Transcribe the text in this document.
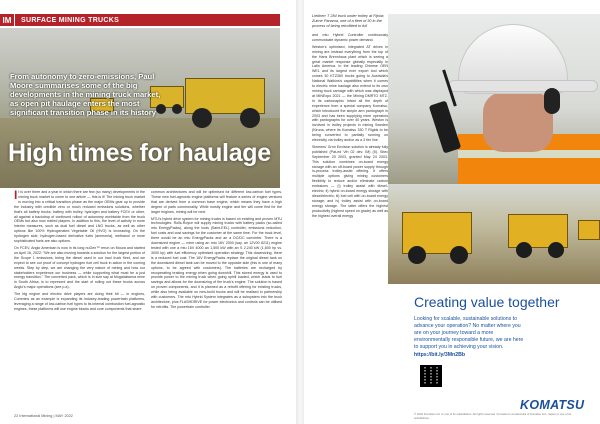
IM	SURFACE MINING TRUCKS
From autonomy to zero-emissions, Paul Moore summarises some of the big developments in the mining truck market, as open pit haulage enters the most significant transition phase in its history
High times for haulage

It is over three and a year in which there are few (so many) developments in the mining truck market to come to one article — this is it! The mining truck market is moving into a critical transition phase as the major OEMs gear up to provide the industry with credible zero or much reduced emissions solutions, whether that's all battery trucks, battery with trolley, hydrogen and battery FCEV or other, all against a backdrop of continued rollout of autonomy worldwide from the truck OEMs but also now mixfed players. In addition to this, the level of activity in more interim measures, such as dual fuel diesel and LNG trucks, as well as other options like 100% Hydrogenated Vegetable Oil (HVO) is increasing. On the hydrogen side, hydrogen-based derivative fuels (ammonia), methanol or more sophisticated fuels are also options.

On FCEV, Anglo American is now in its long nuGen™ rerun on Moura and started on April 16, 2022: "We are also moving towards a solution for the largest portion of the Scope 1 emissions, being the diesel used in our haul truck fleet, and we expect to see our proof of concept hydrogen fuel cell truck in action in the coming weeks. Step by step, we are changing the very nature of mining and how our stakeholders experience our business — while supporting what must be a just energy transition." The converted pack, which is in size say at Mogalakwena mine in South Africa, is to represent and the start of rolling out these trucks across Anglo's major operations (see p.a).

The big engine and electric drive players are doing their bit — in engines, Cummins as an example is expanding its industry-leading powertrain platforms, leveraging a range of low-carbon fuel types to its internal combustion fuel-agnostic engines, these platforms will use engine blocks and core components that share

common architectures and will be optimised for different low-carbon fuel types. These new fuel-agnostic engine platforms will feature a series of engine versions that are derived from a common base engine, which means they have a high degree of parts commonality. While mostly engine and tier will come first for the larger engines, mining will be next.

MTU's hybrid drive system for mining trucks is based on existing and proven MTU technologies. Rolls-Royce will supply mining trucks with battery packs (so-called mtu EnergyPacks), along the tools (Saint-EEL) controller, emissions reduction, fuel costs and cost savings for the customer at the same time. For the truck level, there would be an mtu EnergyPacks and an a DC/DC converter. There is a downsized engine — mine using an mtu 16V 2000 (say, an 12V00 8211) engine tested with one a mtu 16V 4000 an 1,500 kW with an S 2,240 kW (1,600 hp vs. 3000 hp) with fuel efficiency optimised operation strategy. This downsizing, there is a reduced fuel cost. The 16V EnergyPacks replace the original diesel tank on the downsized diesel tank can be moved to the opposite side (this is one of many options, to be agreed with customers). The batteries are recharged by recuperating braking energy when going downhill. This stored energy is used to provide power to the mining truck when going uphill loaded, which leads to fuel savings and allows for the downsizing of the truck's engine. The solution is based on proven components, and it is planned as a retrofit offering for existing trucks, while also being available on new-build trucks and will be realised in partnership with customers. The mtu Hybrid System integrates as a subsystem into the truck architecture, plus FLASHDRIVE for power electronics and controls can be utilised for retrofits. The powertrain controller

22 International Mining | MAY 2022
Liebherr T 284 truck under trolley at Fijnba Zuirne Panama, one of a fleet of 30 in the process of being retrofitted to full

and mtu Hybrid Controller continuously communicate dynamic power demand.

Weston's optimised, integrated AT drives in mining are instead everything from the top of the Hans Brennhaus plant which is seeing a great market response globally especially in Latin America. In the leading Chinese OEN WEL and its largest ever export tool which comes 30 KTZ360 trucks going to Australia's National Watkins's capabilities when it comes to electric mine haulage also extend to its own mining truck carnage with which was displayed at MINExpo 2021 — the Mining DMRTO MTZ. In its carbonaphic infant all the depth of experience from a special company Komatsu, which introduced the simple arm pantograph in 2003 and has been supplying mine operators with pantographs for over 40 years. Weston is involved in trolley projects in mining Sweden (Kiruna, where its Komatsu 330 T Rigids to be being converted to partially running on electricity via trolley and/or as a 3 tier line.

Siemens' Grnn Envision solution is already fully published (Pat-ed Vih 02 dev. IM) (5). Sitec September 20 2003, granted May 24 2003. This solution combines on-board energy storage with an off-board power supply through in-process trolley-assist offering. It offers multiple options giving mining customers flexibility to reduce and/or eliminate carbon emissions — (i) trolley assist with diesel-electric; ii) hybrid on-board energy storage with diesel/electric; iii) fuel cell with on-board energy storage; and iv) trolley assist with on-board energy storage. The latter offers the highest productivity (highest speed on grade) as well as the highest overall energy

Creating value together
Looking for scalable, sustainable solutions to advance your operation? No matter where you are on your journey toward a more environmentally responsible future, we are here to support you in achieving your vision.
https://bit.ly/3Mn2Bb
KOMATSU
© 2022 Komatsu Ltd. or one of its subsidiaries. All rights reserved. Komatsu is a trademark of Komatsu Ltd., Japan or one of its subsidiaries.
